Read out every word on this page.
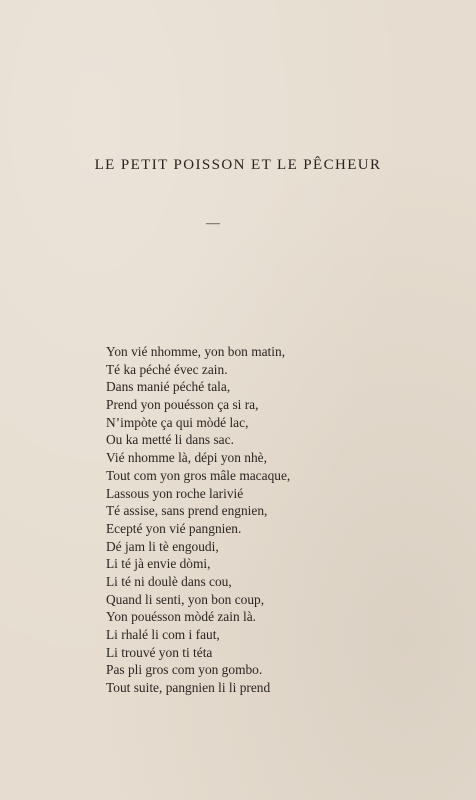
LE PETIT POISSON ET LE PÊCHEUR
—
Yon vié nhomme, yon bon matin,
Té ka péché évec zain.
Dans manié péché tala,
Prend yon pouésson ça si ra,
N’impòte ça qui mòdé lac,
Ou ka metté li dans sac.
Vié nhomme là, dépi yon nhè,
Tout com yon gros mâle macaque,
Lassous yon roche larivié
Té assise, sans prend engnien,
Ecepté yon vié pangnien.
Dé jam li tè engoudi,
Li té jà envie dòmi,
Li té ni doulè dans cou,
Quand li senti, yon bon coup,
Yon pouésson mòdé zain là.
Li rhalé li com i faut,
Li trouvé yon ti téta
Pas pli gros com yon gombo.
Tout suite, pangnien li li prend
